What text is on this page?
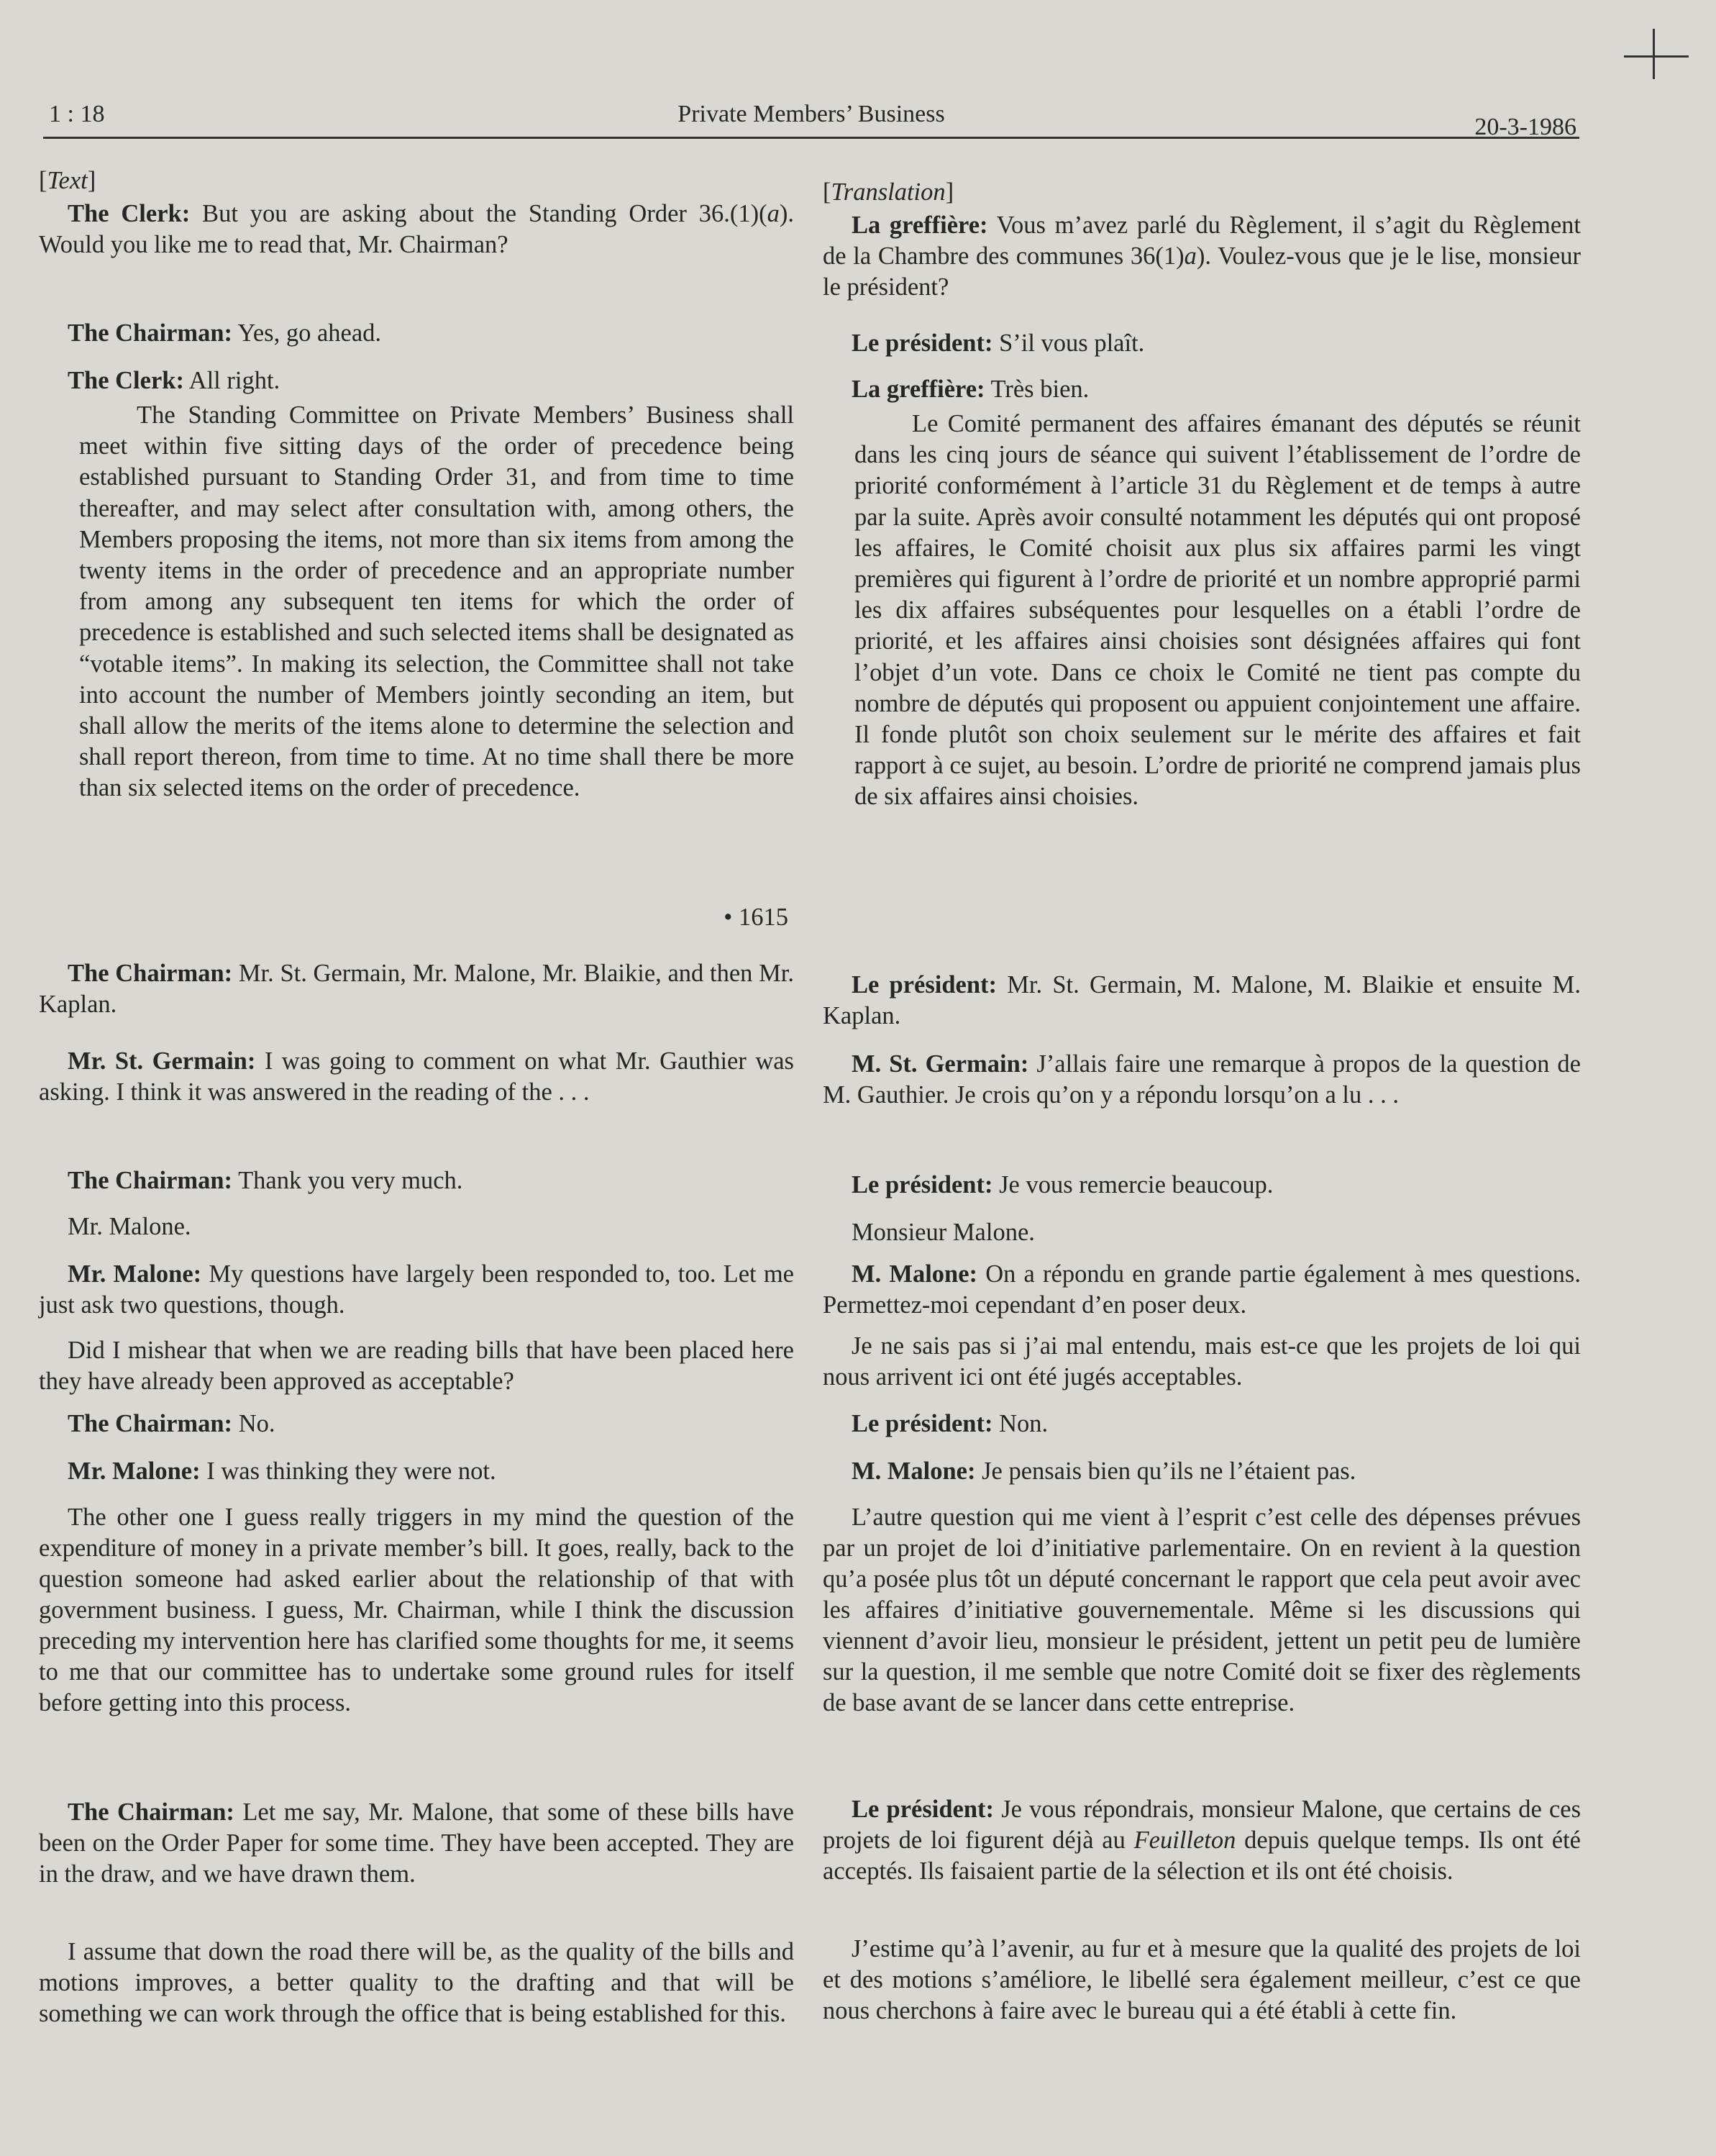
1 : 18	Private Members’ Business	20-3-1986

[Text]

The Clerk: But you are asking about the Standing Order 36.(1)(a). Would you like me to read that, Mr. Chairman?

The Chairman: Yes, go ahead.

The Clerk: All right.

The Standing Committee on Private Members’ Business shall meet within five sitting days of the order of precedence being established pursuant to Standing Order 31, and from time to time thereafter, and may select after consultation with, among others, the Members proposing the items, not more than six items from among the twenty items in the order of precedence and an appropriate number from among any subsequent ten items for which the order of precedence is established and such selected items shall be designated as “votable items”. In making its selection, the Committee shall not take into account the number of Members jointly seconding an item, but shall allow the merits of the items alone to determine the selection and shall report thereon, from time to time. At no time shall there be more than six selected items on the order of precedence.

• 1615

The Chairman: Mr. St. Germain, Mr. Malone, Mr. Blaikie, and then Mr. Kaplan.

Mr. St. Germain: I was going to comment on what Mr. Gauthier was asking. I think it was answered in the reading of the . . .

The Chairman: Thank you very much.

Mr. Malone.

Mr. Malone: My questions have largely been responded to, too. Let me just ask two questions, though.

Did I mishear that when we are reading bills that have been placed here they have already been approved as acceptable?

The Chairman: No.

Mr. Malone: I was thinking they were not.

The other one I guess really triggers in my mind the question of the expenditure of money in a private member’s bill. It goes, really, back to the question someone had asked earlier about the relationship of that with government business. I guess, Mr. Chairman, while I think the discussion preceding my intervention here has clarified some thoughts for me, it seems to me that our committee has to undertake some ground rules for itself before getting into this process.

The Chairman: Let me say, Mr. Malone, that some of these bills have been on the Order Paper for some time. They have been accepted. They are in the draw, and we have drawn them.

I assume that down the road there will be, as the quality of the bills and motions improves, a better quality to the drafting and that will be something we can work through the office that is being established for this.

[Translation]

La greffière: Vous m’avez parlé du Règlement, il s’agit du Règlement de la Chambre des communes 36(1)a). Voulez-vous que je le lise, monsieur le président?

Le président: S’il vous plaît.

La greffière: Très bien.

Le Comité permanent des affaires émanant des députés se réunit dans les cinq jours de séance qui suivent l’établissement de l’ordre de priorité conformément à l’article 31 du Règlement et de temps à autre par la suite. Après avoir consulté notamment les députés qui ont proposé les affaires, le Comité choisit aux plus six affaires parmi les vingt premières qui figurent à l’ordre de priorité et un nombre approprié parmi les dix affaires subséquentes pour lesquelles on a établi l’ordre de priorité, et les affaires ainsi choisies sont désignées affaires qui font l’objet d’un vote. Dans ce choix le Comité ne tient pas compte du nombre de députés qui proposent ou appuient conjointement une affaire. Il fonde plutôt son choix seulement sur le mérite des affaires et fait rapport à ce sujet, au besoin. L’ordre de priorité ne comprend jamais plus de six affaires ainsi choisies.

Le président: Mr. St. Germain, M. Malone, M. Blaikie et ensuite M. Kaplan.

M. St. Germain: J’allais faire une remarque à propos de la question de M. Gauthier. Je crois qu’on y a répondu lorsqu’on a lu . . .

Le président: Je vous remercie beaucoup.

Monsieur Malone.

M. Malone: On a répondu en grande partie également à mes questions. Permettez-moi cependant d’en poser deux.

Je ne sais pas si j’ai mal entendu, mais est-ce que les projets de loi qui nous arrivent ici ont été jugés acceptables.

Le président: Non.

M. Malone: Je pensais bien qu’ils ne l’étaient pas.

L’autre question qui me vient à l’esprit c’est celle des dépenses prévues par un projet de loi d’initiative parlementaire. On en revient à la question qu’a posée plus tôt un député concernant le rapport que cela peut avoir avec les affaires d’initiative gouvernementale. Même si les discussions qui viennent d’avoir lieu, monsieur le président, jettent un petit peu de lumière sur la question, il me semble que notre Comité doit se fixer des règlements de base avant de se lancer dans cette entreprise.

Le président: Je vous répondrais, monsieur Malone, que certains de ces projets de loi figurent déjà au Feuilleton depuis quelque temps. Ils ont été acceptés. Ils faisaient partie de la sélection et ils ont été choisis.

J’estime qu’à l’avenir, au fur et à mesure que la qualité des projets de loi et des motions s’améliore, le libellé sera également meilleur, c’est ce que nous cherchons à faire avec le bureau qui a été établi à cette fin.
